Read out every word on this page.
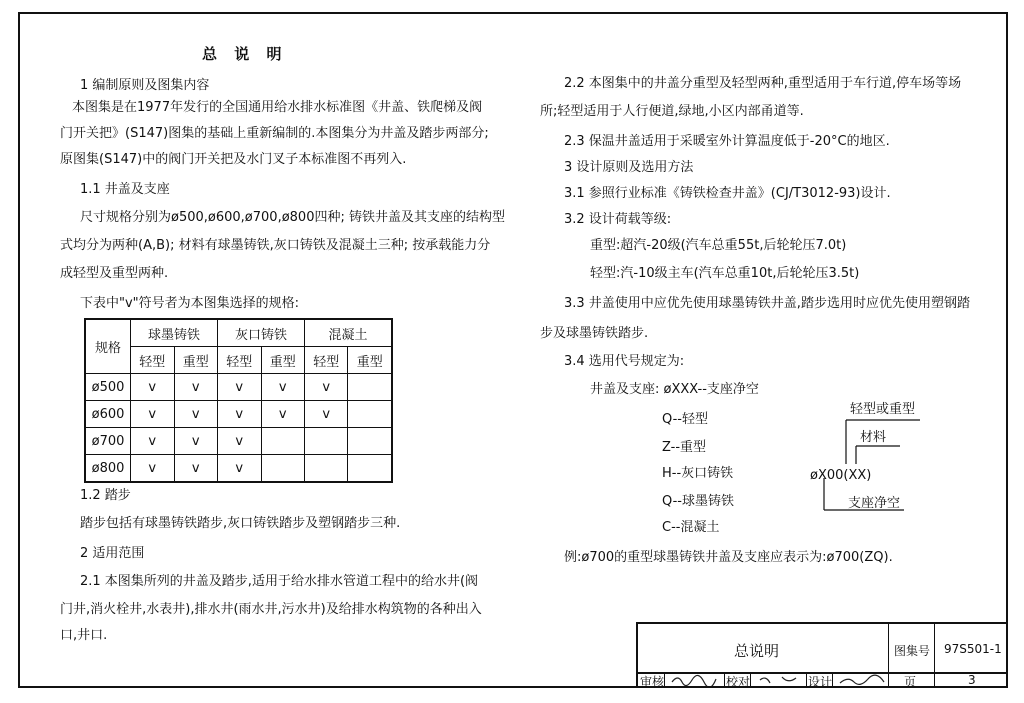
总 说 明
1 编制原则及图集内容
本图集是在1977年发行的全国通用给水排水标准图《井盖、铁爬梯及阀
门开关把》(S147)图集的基础上重新编制的.本图集分为井盖及踏步两部分;
原图集(S147)中的阀门开关把及水门叉子本标准图不再列入.
1.1 井盖及支座
尺寸规格分别为ø500,ø600,ø700,ø800四种; 铸铁井盖及其支座的结构型
式均分为两种(A,B); 材料有球墨铸铁,灰口铸铁及混凝土三种; 按承载能力分
成轻型及重型两种.
下表中"v"符号者为本图集选择的规格:
规格	球墨铸铁		灰口铸铁		混凝土	
	轻型	重型	轻型	重型	轻型	重型
ø500	v	v	v	v	v	
ø600	v	v	v	v	v	
ø700	v	v	v			
ø800	v	v	v			
1.2 踏步
踏步包括有球墨铸铁踏步,灰口铸铁踏步及塑钢踏步三种.
2 适用范围
2.1 本图集所列的井盖及踏步,适用于给水排水管道工程中的给水井(阀
门井,消火栓井,水表井),排水井(雨水井,污水井)及给排水构筑物的各种出入
口,井口.
2.2 本图集中的井盖分重型及轻型两种,重型适用于车行道,停车场等场
所;轻型适用于人行便道,绿地,小区内部甬道等.
2.3 保温井盖适用于采暖室外计算温度低于-20°C的地区.
3 设计原则及选用方法
3.1 参照行业标准《铸铁检查井盖》(CJ/T3012-93)设计.
3.2 设计荷载等级:
重型:超汽-20级(汽车总重55t,后轮轮压7.0t)
轻型:汽-10级主车(汽车总重10t,后轮轮压3.5t)
3.3 井盖使用中应优先使用球墨铸铁井盖,踏步选用时应优先使用塑钢踏
步及球墨铸铁踏步.
3.4 选用代号规定为:
井盖及支座: øXXX--支座净空
Q--轻型
Z--重型
H--灰口铸铁
Q--球墨铸铁
C--混凝土
轻型或重型
材料
øX00(XX)
支座净空
例:ø700的重型球墨铸铁井盖及支座应表示为:ø700(ZQ).
总说明	图集号 97S501-1
审核	校对	设计	页	3
